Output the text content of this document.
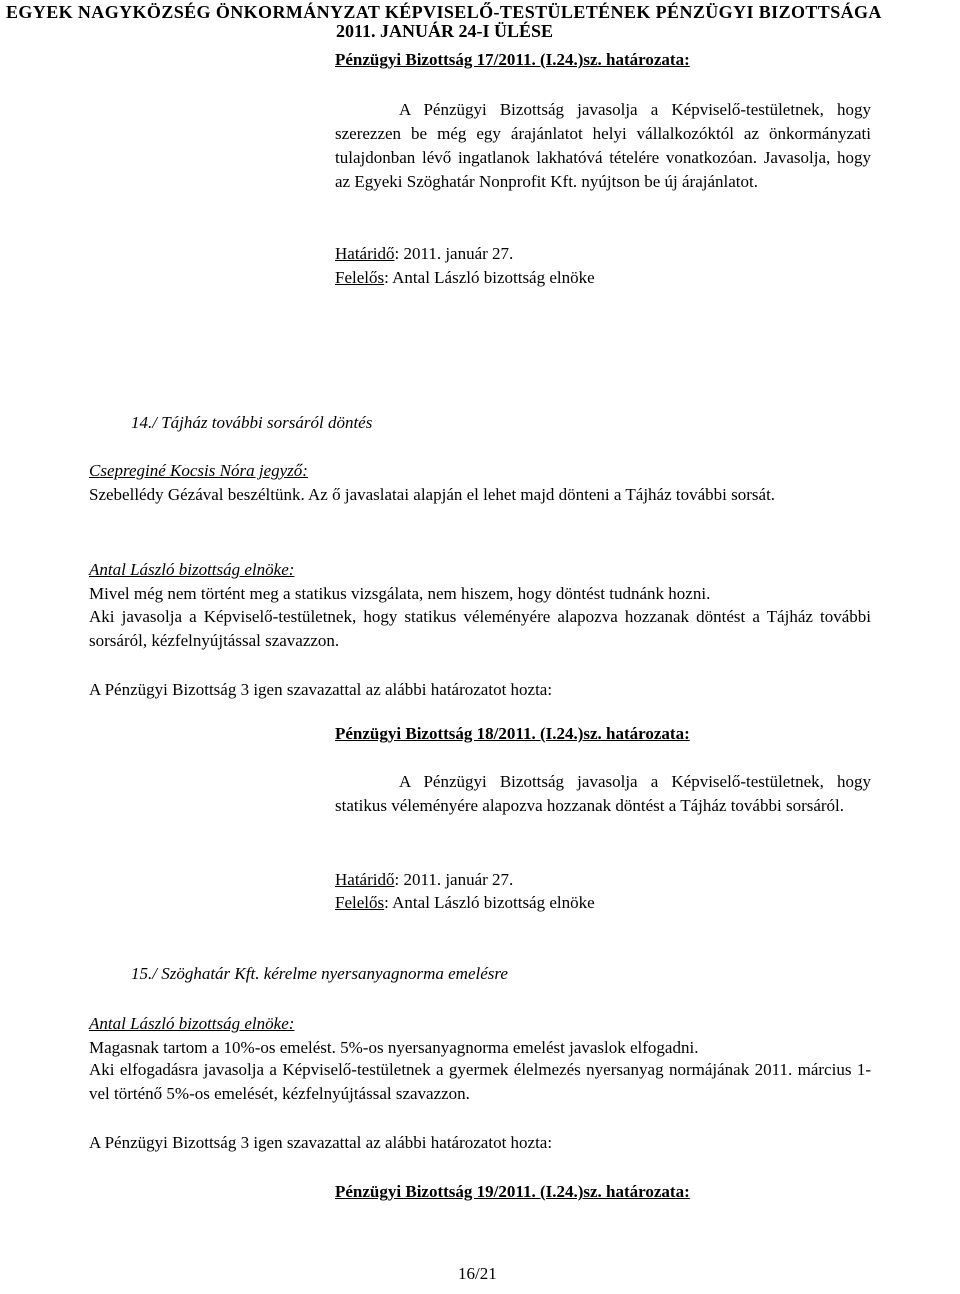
EGYEK NAGYKÖZSÉG ÖNKORMÁNYZAT KÉPVISELŐ-TESTÜLETÉNEK PÉNZÜGYI BIZOTTSÁGA
2011. JANUÁR 24-I ÜLÉSE
Pénzügyi Bizottság 17/2011. (I.24.)sz. határozata:
A Pénzügyi Bizottság javasolja a Képviselő-testületnek, hogy szerezzen be még egy árajánlatot helyi vállalkozóktól az önkormányzati tulajdonban lévő ingatlanok lakhatóvá tételére vonatkozóan. Javasolja, hogy az Egyeki Szöghatár Nonprofit Kft. nyújtson be új árajánlatot.
Határidő: 2011. január 27.
Felelős: Antal László bizottság elnöke
14./ Tájház további sorsáról döntés
Csepreginé Kocsis Nóra jegyző:
Szebellédy Gézával beszéltünk. Az ő javaslatai alapján el lehet majd dönteni a Tájház további sorsát.
Antal László bizottság elnöke:
Mivel még nem történt meg a statikus vizsgálata, nem hiszem, hogy döntést tudnánk hozni.
Aki javasolja a Képviselő-testületnek, hogy statikus véleményére alapozva hozzanak döntést a Tájház további sorsáról, kézfelnyújtással szavazzon.
A Pénzügyi Bizottság 3 igen szavazattal az alábbi határozatot hozta:
Pénzügyi Bizottság 18/2011. (I.24.)sz. határozata:
A Pénzügyi Bizottság javasolja a Képviselő-testületnek, hogy statikus véleményére alapozva hozzanak döntést a Tájház további sorsáról.
Határidő: 2011. január 27.
Felelős: Antal László bizottság elnöke
15./ Szöghatár Kft. kérelme nyersanyagnorma emelésre
Antal László bizottság elnöke:
Magasnak tartom a 10%-os emelést. 5%-os nyersanyagnorma emelést javaslok elfogadni.
Aki elfogadásra javasolja a Képviselő-testületnek a gyermek élelmezés nyersanyag normájának 2011. március 1-vel történő 5%-os emelését, kézfelnyújtással szavazzon.
A Pénzügyi Bizottság 3 igen szavazattal az alábbi határozatot hozta:
Pénzügyi Bizottság 19/2011. (I.24.)sz. határozata:
16/21
